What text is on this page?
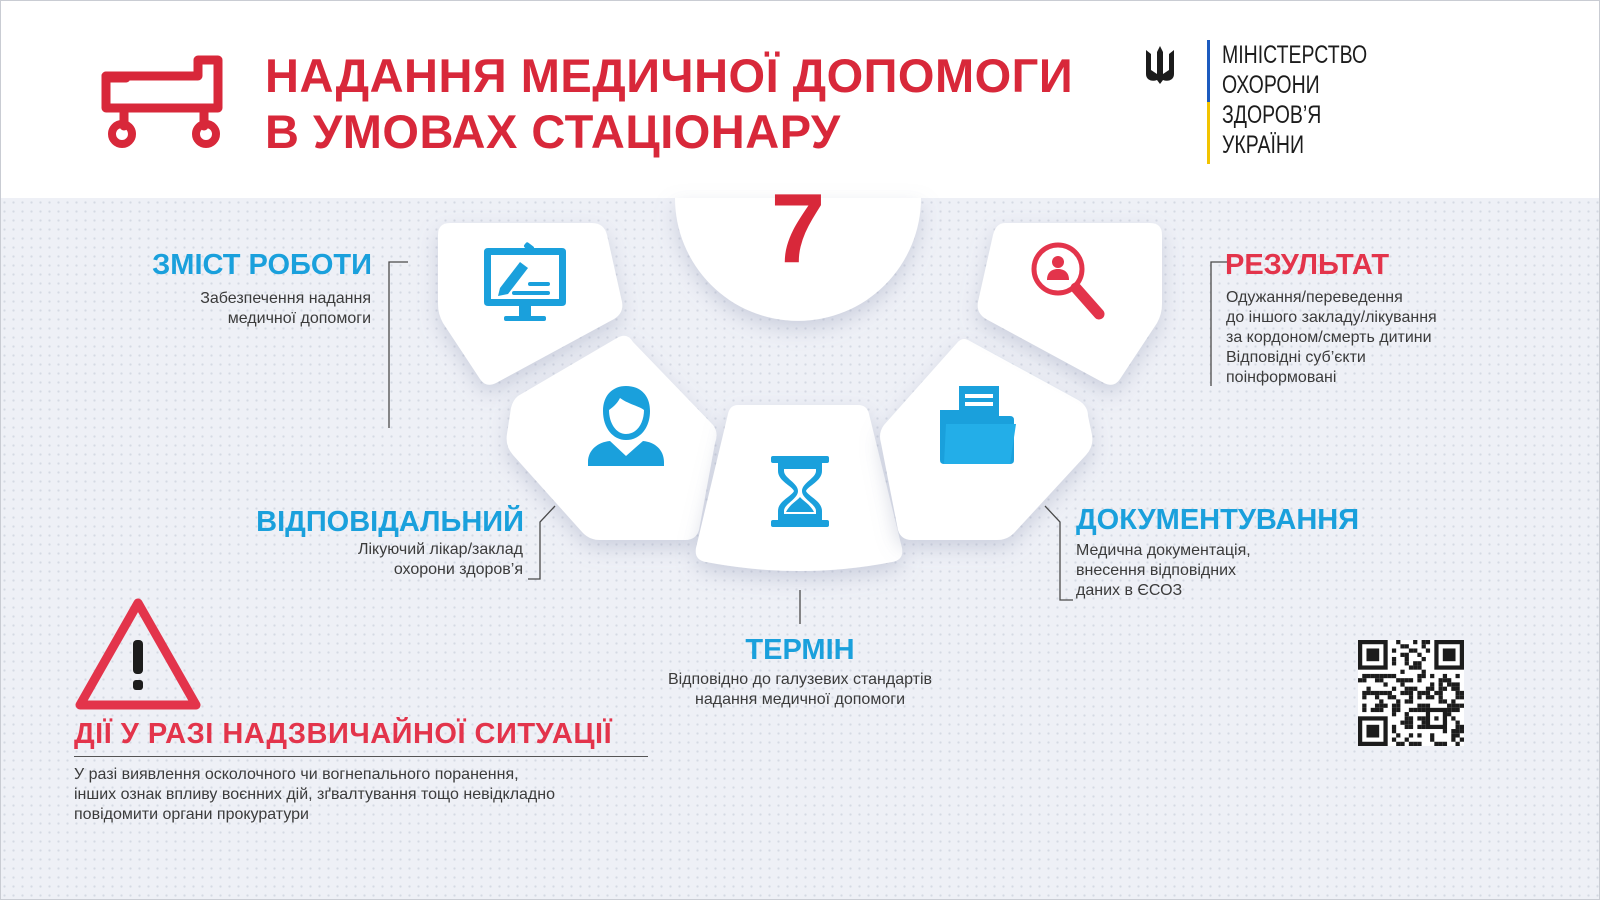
НАДАННЯ МЕДИЧНОЇ ДОПОМОГИ
В УМОВАХ СТАЦІОНАРУ
МІНІСТЕРСТВО
ОХОРОНИ
ЗДОРОВ’Я
УКРАЇНИ
7
ЗМІСТ РОБОТИ
Забезпечення надання
медичної допомоги
ВІДПОВІДАЛЬНИЙ
Лікуючий лікар/заклад
охорони здоров’я
ТЕРМІН
Відповідно до галузевих стандартів
надання медичної допомоги
ДОКУМЕНТУВАННЯ
Медична документація,
внесення відповідних
даних в ЄСОЗ
РЕЗУЛЬТАТ
Одужання/переведення
до іншого закладу/лікування
за кордоном/смерть дитини
Відповідні суб’єкти
поінформовані
ДІЇ У РАЗІ НАДЗВИЧАЙНОЇ СИТУАЦІЇ
У разі виявлення осколочного чи вогнепального поранення,
інших ознак впливу воєнних дій, зґвалтування тощо невідкладно
повідомити органи прокуратури
